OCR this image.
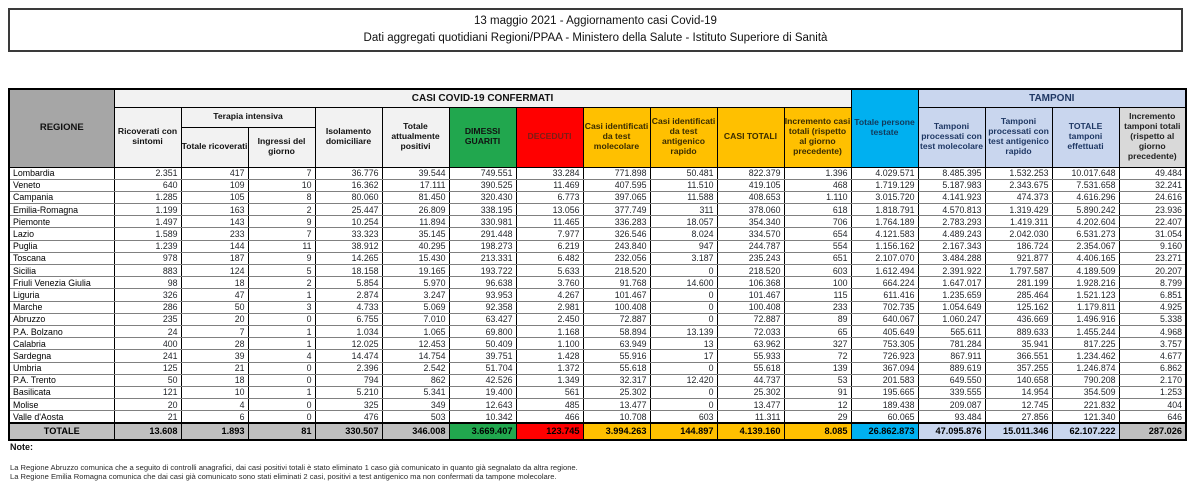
13 maggio 2021 - Aggiornamento casi Covid-19
Dati aggregati quotidiani Regioni/PPAA - Ministero della Salute - Istituto Superiore di Sanità
REGIONE	CASI COVID-19 CONFERMATI											Totale persone testate	TAMPONI			
	Ricoverati con sintomi	Terapia intensiva		Isolamento domiciliare	Totale attualmente positivi	DIMESSI GUARITI	DECEDUTI	Casi identificati da test molecolare	Casi identificati da test antigenico rapido	CASI TOTALI	Incremento casi totali (rispetto al giorno precedente)		Tamponi processati con test molecolare	Tamponi processati con test antigenico rapido	TOTALE tamponi effettuati	Incremento tamponi totali (rispetto al giorno precedente)
		Totale ricoverati	Ingressi del giorno													
Lombardia	2.351	417	7	36.776	39.544	749.551	33.284	771.898	50.481	822.379	1.396	4.029.571	8.485.395	1.532.253	10.017.648	49.484
Veneto	640	109	10	16.362	17.111	390.525	11.469	407.595	11.510	419.105	468	1.719.129	5.187.983	2.343.675	7.531.658	32.241
Campania	1.285	105	8	80.060	81.450	320.430	6.773	397.065	11.588	408.653	1.110	3.015.720	4.141.923	474.373	4.616.296	24.616
Emilia-Romagna	1.199	163	2	25.447	26.809	338.195	13.056	377.749	311	378.060	618	1.818.791	4.570.813	1.319.429	5.890.242	23.936
Piemonte	1.497	143	9	10.254	11.894	330.981	11.465	336.283	18.057	354.340	706	1.764.189	2.783.293	1.419.311	4.202.604	22.407
Lazio	1.589	233	7	33.323	35.145	291.448	7.977	326.546	8.024	334.570	654	4.121.583	4.489.243	2.042.030	6.531.273	31.054
Puglia	1.239	144	11	38.912	40.295	198.273	6.219	243.840	947	244.787	554	1.156.162	2.167.343	186.724	2.354.067	9.160
Toscana	978	187	9	14.265	15.430	213.331	6.482	232.056	3.187	235.243	651	2.107.070	3.484.288	921.877	4.406.165	23.271
Sicilia	883	124	5	18.158	19.165	193.722	5.633	218.520	0	218.520	603	1.612.494	2.391.922	1.797.587	4.189.509	20.207
Friuli Venezia Giulia	98	18	2	5.854	5.970	96.638	3.760	91.768	14.600	106.368	100	664.224	1.647.017	281.199	1.928.216	8.799
Liguria	326	47	1	2.874	3.247	93.953	4.267	101.467	0	101.467	115	611.416	1.235.659	285.464	1.521.123	6.851
Marche	286	50	3	4.733	5.069	92.358	2.981	100.408	0	100.408	233	702.735	1.054.649	125.162	1.179.811	4.925
Abruzzo	235	20	0	6.755	7.010	63.427	2.450	72.887	0	72.887	89	640.067	1.060.247	436.669	1.496.916	5.338
P.A. Bolzano	24	7	1	1.034	1.065	69.800	1.168	58.894	13.139	72.033	65	405.649	565.611	889.633	1.455.244	4.968
Calabria	400	28	1	12.025	12.453	50.409	1.100	63.949	13	63.962	327	753.305	781.284	35.941	817.225	3.757
Sardegna	241	39	4	14.474	14.754	39.751	1.428	55.916	17	55.933	72	726.923	867.911	366.551	1.234.462	4.677
Umbria	125	21	0	2.396	2.542	51.704	1.372	55.618	0	55.618	139	367.094	889.619	357.255	1.246.874	6.862
P.A. Trento	50	18	0	794	862	42.526	1.349	32.317	12.420	44.737	53	201.583	649.550	140.658	790.208	2.170
Basilicata	121	10	1	5.210	5.341	19.400	561	25.302	0	25.302	91	195.665	339.555	14.954	354.509	1.253
Molise	20	4	0	325	349	12.643	485	13.477	0	13.477	12	189.438	209.087	12.745	221.832	404
Valle d'Aosta	21	6	0	476	503	10.342	466	10.708	603	11.311	29	60.065	93.484	27.856	121.340	646
TOTALE	13.608	1.893	81	330.507	346.008	3.669.407	123.745	3.994.263	144.897	4.139.160	8.085	26.862.873	47.095.876	15.011.346	62.107.222	287.026
Note:
La Regione Abruzzo comunica che a seguito di controlli anagrafici, dai casi positivi totali è stato eliminato 1 caso già comunicato in quanto già segnalato da altra regione.
La Regione Emilia Romagna comunica che dai casi già comunicato sono stati eliminati 2 casi, positivi a test antigenico ma non confermati da tampone molecolare.
